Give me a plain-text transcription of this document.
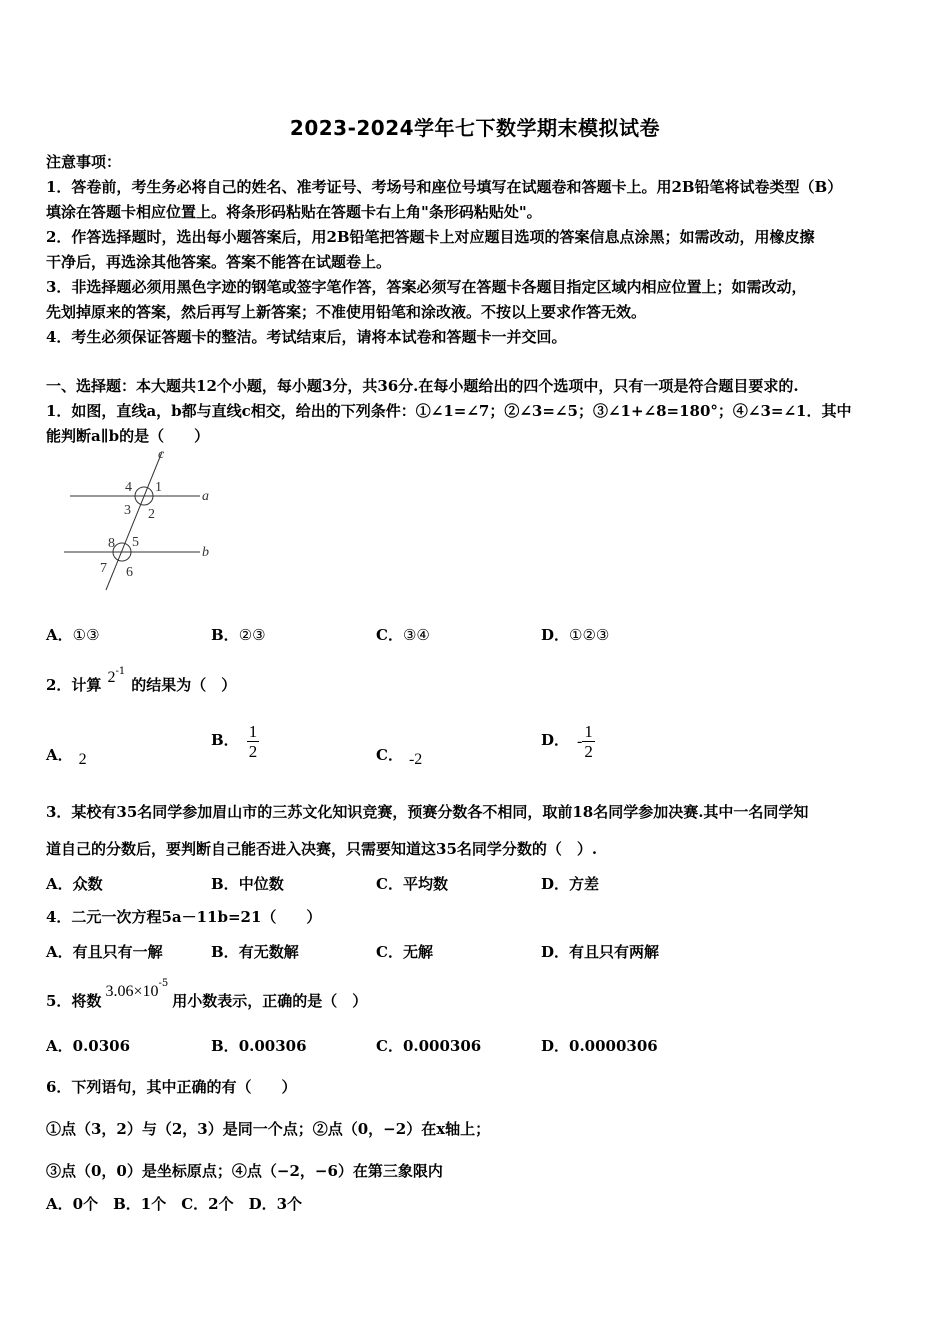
2023-2024学年七下数学期末模拟试卷
注意事项：
1．答卷前，考生务必将自己的姓名、准考证号、考场号和座位号填写在试题卷和答题卡上。用2B铅笔将试卷类型（B）
填涂在答题卡相应位置上。将条形码粘贴在答题卡右上角"条形码粘贴处"。
2．作答选择题时，选出每小题答案后，用2B铅笔把答题卡上对应题目选项的答案信息点涂黑；如需改动，用橡皮擦
干净后，再选涂其他答案。答案不能答在试题卷上。
3．非选择题必须用黑色字迹的钢笔或签字笔作答，答案必须写在答题卡各题目指定区域内相应位置上；如需改动，
先划掉原来的答案，然后再写上新答案；不准使用铅笔和涂改液。不按以上要求作答无效。
4．考生必须保证答题卡的整洁。考试结束后，请将本试卷和答题卡一并交回。
一、选择题：本大题共12个小题，每小题3分，共36分.在每小题给出的四个选项中，只有一项是符合题目要求的.
1．如图，直线a，b都与直线c相交，给出的下列条件：①∠1=∠7；②∠3=∠5；③∠1+∠8=180°；④∠3=∠1．其中
能判断a∥b的是（　　）
c
a
b
1
2
3
4
5
6
7
8
A．①③	B．②③	C．③④	D．①②③
2．计算 $2^{-1}$的结果为（　）
A． 2
B． $\frac{1}{2}$	C． -2
D． - $\frac{1}{2}$
3．某校有35名同学参加眉山市的三苏文化知识竞赛，预赛分数各不相同，取前18名同学参加决赛.其中一名同学知
道自己的分数后，要判断自己能否进入决赛，只需要知道这35名同学分数的（　）.
A．众数	B．中位数	C．平均数	D．方差
4．二元一次方程5a－11b=21（　　）
A．有且只有一解	B．有无数解	C．无解	D．有且只有两解
5．将数$3.06\times 10^{-5}$用小数表示，正确的是（　）
A．0.0306	B．0.00306	C．0.000306	D．0.0000306
6．下列语句，其中正确的有（　　）
①点（3，2）与（2，3）是同一个点；②点（0，−2）在x轴上；
③点（0，0）是坐标原点；④点（−2，−6）在第三象限内
A．0个　B．1个　C．2个　D．3个
